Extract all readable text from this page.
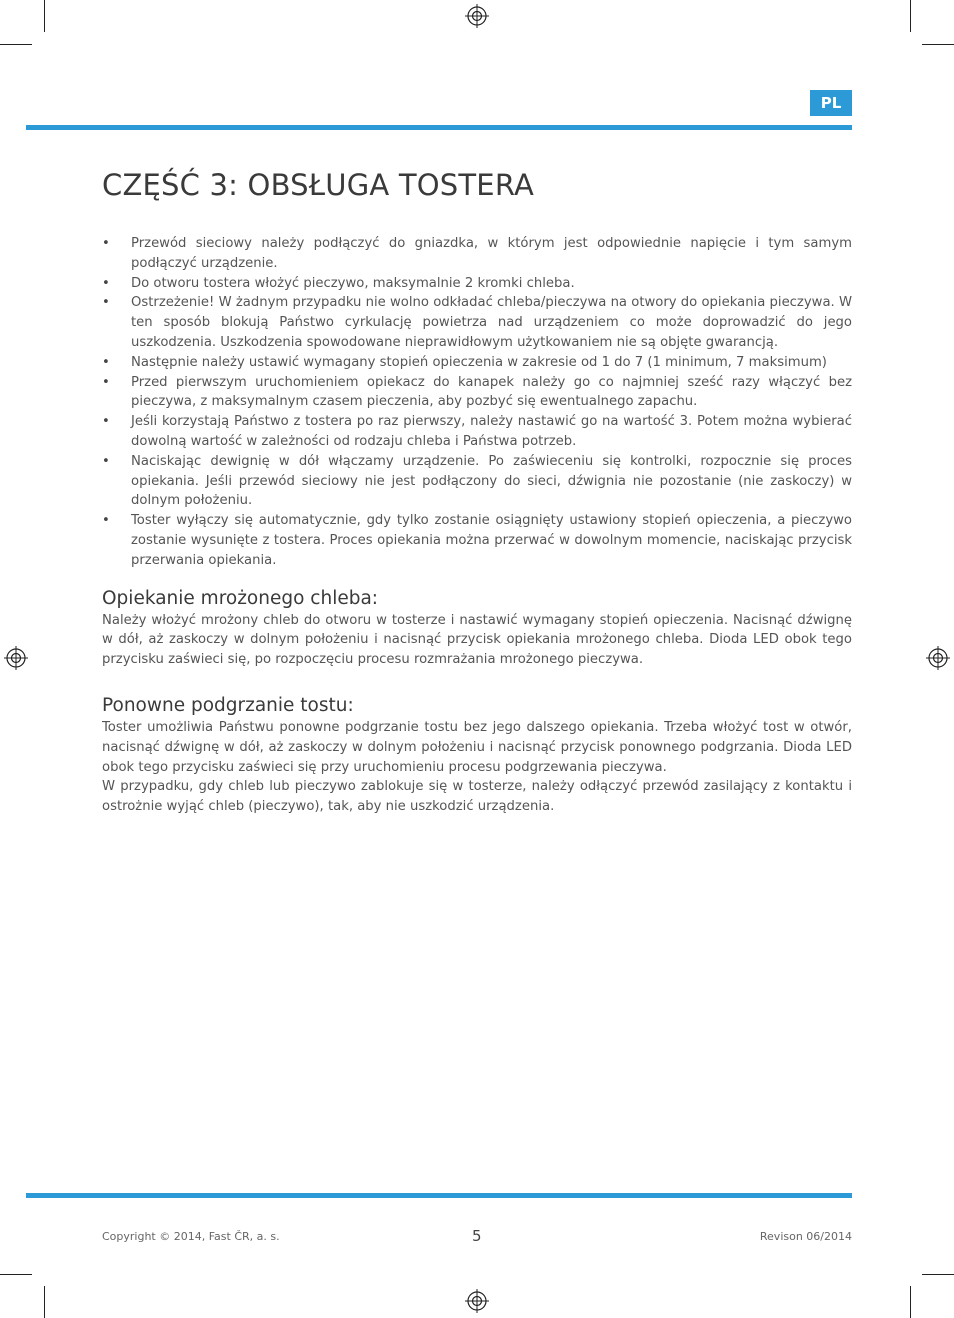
PL
CZĘŚĆ 3: OBSŁUGA TOSTERA
• Przewód sieciowy należy podłączyć do gniazdka, w którym jest odpowiednie napięcie i tym samym podłączyć urządzenie.
• Do otworu tostera włożyć pieczywo, maksymalnie 2 kromki chleba.
• Ostrzeżenie! W żadnym przypadku nie wolno odkładać chleba/pieczywa na otwory do opiekania pieczywa. W ten sposób blokują Państwo cyrkulację powietrza nad urządzeniem co może doprowadzić do jego uszkodzenia. Uszkodzenia spowodowane nieprawidłowym użytkowaniem nie są objęte gwarancją.
• Następnie należy ustawić wymagany stopień opieczenia w zakresie od 1 do 7 (1 minimum, 7 maksimum)
• Przed pierwszym uruchomieniem opiekacz do kanapek należy go co najmniej sześć razy włączyć bez pieczywa, z maksymalnym czasem pieczenia, aby pozbyć się ewentualnego zapachu.
• Jeśli korzystają Państwo z tostera po raz pierwszy, należy nastawić go na wartość 3. Potem można wybierać dowolną wartość w zależności od rodzaju chleba i Państwa potrzeb.
• Naciskając dewignię w dół włączamy urządzenie. Po zaświeceniu się kontrolki, rozpocznie się proces opiekania. Jeśli przewód sieciowy nie jest podłączony do sieci, dźwignia nie pozostanie (nie zaskoczy) w dolnym położeniu.
• Toster wyłączy się automatycznie, gdy tylko zostanie osiągnięty ustawiony stopień opieczenia, a pieczywo zostanie wysunięte z tostera. Proces opiekania można przerwać w dowolnym momencie, naciskając przycisk przerwania opiekania.
Opiekanie mrożonego chleba:

Należy włożyć mrożony chleb do otworu w tosterze i nastawić wymagany stopień opieczenia. Nacisnąć dźwignę w dół, aż zaskoczy w dolnym położeniu i nacisnąć przycisk opiekania mrożonego chleba. Dioda LED obok tego przycisku zaświeci się, po rozpoczęciu procesu rozmrażania mrożonego pieczywa.

Ponowne podgrzanie tostu:

Toster umożliwia Państwu ponowne podgrzanie tostu bez jego dalszego opiekania. Trzeba włożyć tost w otwór, nacisnąć dźwignę w dół, aż zaskoczy w dolnym położeniu i nacisnąć przycisk ponownego podgrzania. Dioda LED obok tego przycisku zaświeci się przy uruchomieniu procesu podgrzewania pieczywa.

W przypadku, gdy chleb lub pieczywo zablokuje się w tosterze, należy odłączyć przewód zasilający z kontaktu i ostrożnie wyjąć chleb (pieczywo), tak, aby nie uszkodzić urządzenia.

Copyright © 2014, Fast ČR, a. s.	5	Revison 06/2014
